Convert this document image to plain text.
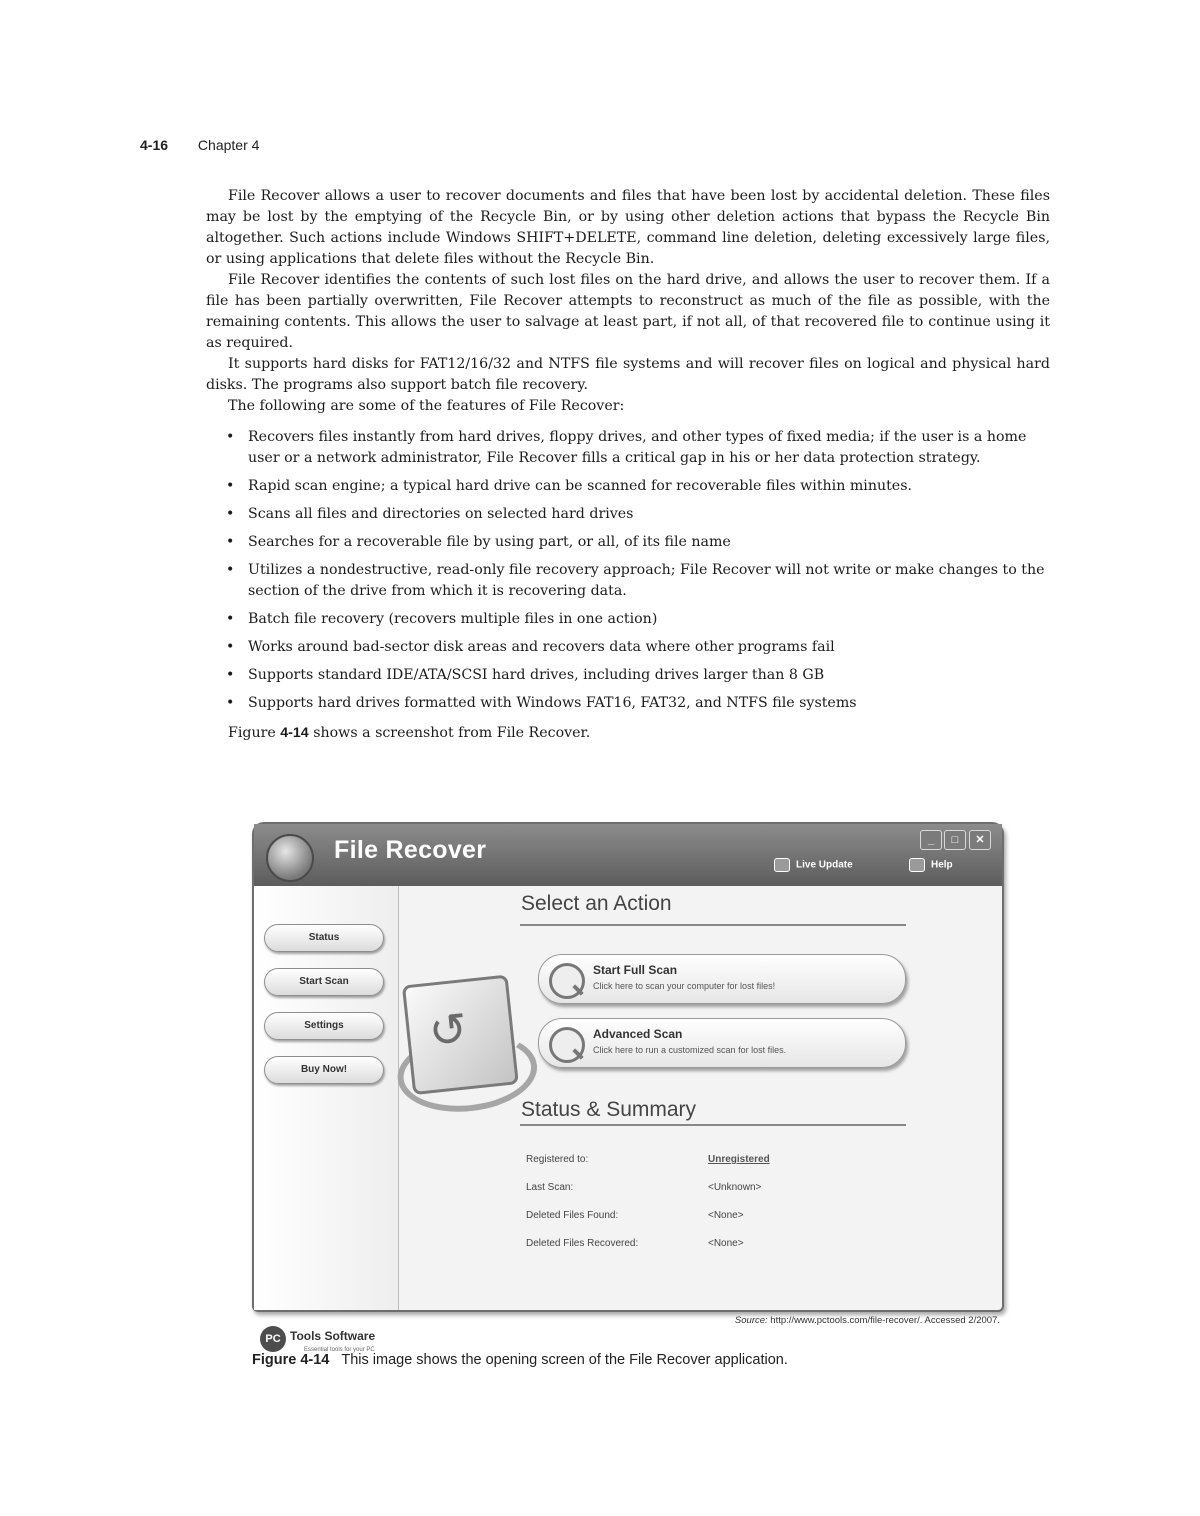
4-16 Chapter 4

File Recover allows a user to recover documents and files that have been lost by accidental deletion. These files may be lost by the emptying of the Recycle Bin, or by using other deletion actions that bypass the Recycle Bin altogether. Such actions include Windows SHIFT+DELETE, command line deletion, deleting excessively large files, or using applications that delete files without the Recycle Bin.

File Recover identifies the contents of such lost files on the hard drive, and allows the user to recover them. If a file has been partially overwritten, File Recover attempts to reconstruct as much of the file as possible, with the remaining contents. This allows the user to salvage at least part, if not all, of that recovered file to continue using it as required.

It supports hard disks for FAT12/16/32 and NTFS file systems and will recover files on logical and physical hard disks. The programs also support batch file recovery.

The following are some of the features of File Recover:

• Recovers files instantly from hard drives, floppy drives, and other types of fixed media; if the user is a home user or a network administrator, File Recover fills a critical gap in his or her data protection strategy.
• Rapid scan engine; a typical hard drive can be scanned for recoverable files within minutes.
• Scans all files and directories on selected hard drives
• Searches for a recoverable file by using part, or all, of its file name
• Utilizes a nondestructive, read-only file recovery approach; File Recover will not write or make changes to the section of the drive from which it is recovering data.
• Batch file recovery (recovers multiple files in one action)
• Works around bad-sector disk areas and recovers data where other programs fail
• Supports standard IDE/ATA/SCSI hard drives, including drives larger than 8 GB
• Supports hard drives formatted with Windows FAT16, FAT32, and NTFS file systems

Figure 4-14 shows a screenshot from File Recover.

File Recover	_	□	✕
Live Update	Help
Status
Start Scan
Settings
Buy Now!
PC Tools Software
Essential tools for your PC
↺
Select an Action
Start Full Scan
Click here to scan your computer for lost files!
Advanced Scan
Click here to run a customized scan for lost files.
Status & Summary
Registered to:	Unregistered
Last Scan:	<Unknown>
Deleted Files Found:	<None>
Deleted Files Recovered:	<None>
Source: http://www.pctools.com/file-recover/. Accessed 2/2007.
Figure 4-14 This image shows the opening screen of the File Recover application.
